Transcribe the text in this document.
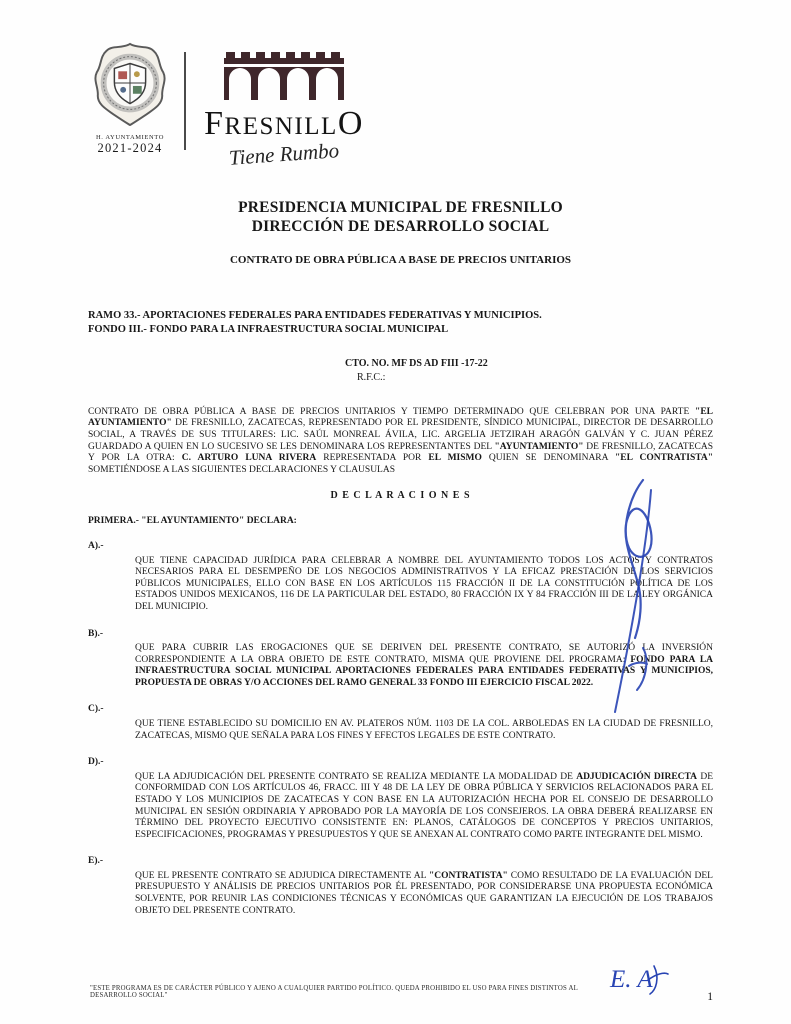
H. AYUNTAMIENTO
2021-2024
FRESNILLO
Tiene Rumbo
PRESIDENCIA MUNICIPAL DE FRESNILLO
DIRECCIÓN DE DESARROLLO SOCIAL
CONTRATO DE OBRA PÚBLICA A BASE DE PRECIOS UNITARIOS
RAMO 33.- APORTACIONES FEDERALES PARA ENTIDADES FEDERATIVAS Y MUNICIPIOS.
FONDO III.- FONDO PARA LA INFRAESTRUCTURA SOCIAL MUNICIPAL
CTO. NO. MF DS AD FIII -17-22
R.F.C.:

CONTRATO DE OBRA PÚBLICA A BASE DE PRECIOS UNITARIOS Y TIEMPO DETERMINADO QUE CELEBRAN POR UNA PARTE "EL AYUNTAMIENTO" DE FRESNILLO, ZACATECAS, REPRESENTADO POR EL PRESIDENTE, SÍNDICO MUNICIPAL, DIRECTOR DE DESARROLLO SOCIAL, A TRAVÉS DE SUS TITULARES: LIC. SAÚL MONREAL ÁVILA, LIC. ARGELIA JETZIRAH ARAGÓN GALVÁN Y C. JUAN PÉREZ GUARDADO A QUIEN EN LO SUCESIVO SE LES DENOMINARA LOS REPRESENTANTES DEL "AYUNTAMIENTO" DE FRESNILLO, ZACATECAS Y POR LA OTRA: C. ARTURO LUNA RIVERA REPRESENTADA POR EL MISMO QUIEN SE DENOMINARA "EL CONTRATISTA" SOMETIÉNDOSE A LAS SIGUIENTES DECLARACIONES Y CLAUSULAS

D E C L A R A C I O N E S
PRIMERA.- "EL AYUNTAMIENTO" DECLARA:
A).-

QUE TIENE CAPACIDAD JURÍDICA PARA CELEBRAR A NOMBRE DEL AYUNTAMIENTO TODOS LOS ACTOS Y CONTRATOS NECESARIOS PARA EL DESEMPEÑO DE LOS NEGOCIOS ADMINISTRATIVOS Y LA EFICAZ PRESTACIÓN DE LOS SERVICIOS PÚBLICOS MUNICIPALES, ELLO CON BASE EN LOS ARTÍCULOS 115 FRACCIÓN II DE LA CONSTITUCIÓN POLÍTICA DE LOS ESTADOS UNIDOS MEXICANOS, 116 DE LA PARTICULAR DEL ESTADO, 80 FRACCIÓN IX Y 84 FRACCIÓN III DE LA LEY ORGÁNICA DEL MUNICIPIO.

B).-

QUE PARA CUBRIR LAS EROGACIONES QUE SE DERIVEN DEL PRESENTE CONTRATO, SE AUTORIZÓ LA INVERSIÓN CORRESPONDIENTE A LA OBRA OBJETO DE ESTE CONTRATO, MISMA QUE PROVIENE DEL PROGRAMA: FONDO PARA LA INFRAESTRUCTURA SOCIAL MUNICIPAL APORTACIONES FEDERALES PARA ENTIDADES FEDERATIVAS Y MUNICIPIOS, PROPUESTA DE OBRAS Y/O ACCIONES DEL RAMO GENERAL 33 FONDO III EJERCICIO FISCAL 2022.

C).-

QUE TIENE ESTABLECIDO SU DOMICILIO EN AV. PLATEROS NÚM. 1103 DE LA COL. ARBOLEDAS EN LA CIUDAD DE FRESNILLO, ZACATECAS, MISMO QUE SEÑALA PARA LOS FINES Y EFECTOS LEGALES DE ESTE CONTRATO.

D).-

QUE LA ADJUDICACIÓN DEL PRESENTE CONTRATO SE REALIZA MEDIANTE LA MODALIDAD DE ADJUDICACIÓN DIRECTA DE CONFORMIDAD CON LOS ARTÍCULOS 46, FRACC. III Y 48 DE LA LEY DE OBRA PÚBLICA Y SERVICIOS RELACIONADOS PARA EL ESTADO Y LOS MUNICIPIOS DE ZACATECAS Y CON BASE EN LA AUTORIZACIÓN HECHA POR EL CONSEJO DE DESARROLLO MUNICIPAL EN SESIÓN ORDINARIA Y APROBADO POR LA MAYORÍA DE LOS CONSEJEROS. LA OBRA DEBERÁ REALIZARSE EN TÉRMINO DEL PROYECTO EJECUTIVO CONSISTENTE EN: PLANOS, CATÁLOGOS DE CONCEPTOS Y PRECIOS UNITARIOS, ESPECIFICACIONES, PROGRAMAS Y PRESUPUESTOS Y QUE SE ANEXAN AL CONTRATO COMO PARTE INTEGRANTE DEL MISMO.

E).-

QUE EL PRESENTE CONTRATO SE ADJUDICA DIRECTAMENTE AL "CONTRATISTA" COMO RESULTADO DE LA EVALUACIÓN DEL PRESUPUESTO Y ANÁLISIS DE PRECIOS UNITARIOS POR ÉL PRESENTADO, POR CONSIDERARSE UNA PROPUESTA ECONÓMICA SOLVENTE, POR REUNIR LAS CONDICIONES TÉCNICAS Y ECONÓMICAS QUE GARANTIZAN LA EJECUCIÓN DE LOS TRABAJOS OBJETO DEL PRESENTE CONTRATO.

E. A
"ESTE PROGRAMA ES DE CARÁCTER PÚBLICO Y AJENO A CUALQUIER PARTIDO POLÍTICO. QUEDA PROHIBIDO EL USO PARA FINES DISTINTOS AL DESARROLLO SOCIAL"	1
